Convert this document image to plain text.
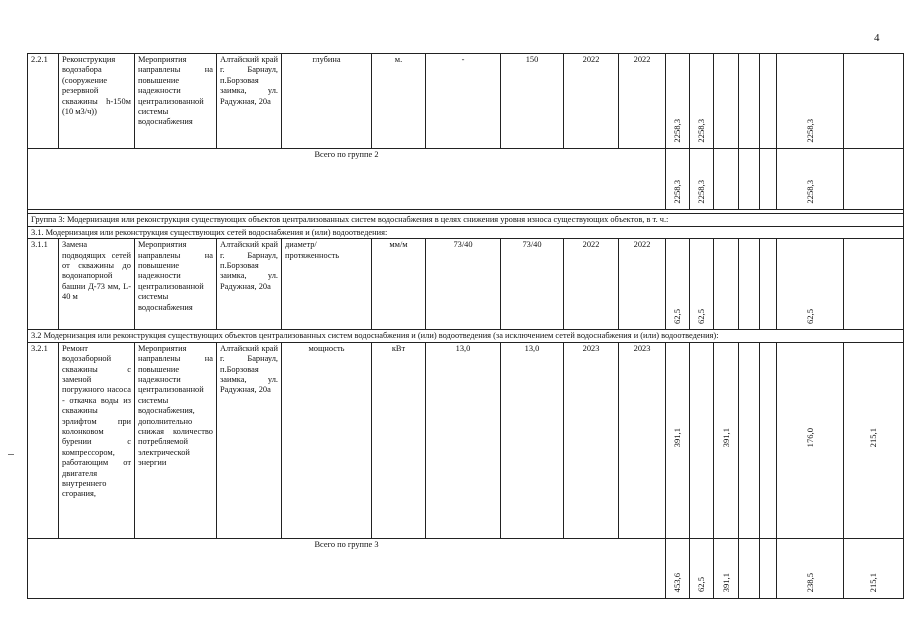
4
2.2.1	Реконструкция водозабора (сооружение резервной скважины h-150м (10 м3/ч))	Мероприятия направлены на повышение надежности централизованной системы водоснабжения	Алтайский край г. Барнаул, п.Борзовая заимка, ул. Радужная, 20а	глубина	м.	-	150	2022	2022	2258,3	2258,3				2258,3	
Всего по группе 2										2258,3	2258,3				2258,3	

Группа 3: Модернизация или реконструкция существующих объектов централизованных систем водоснабжения в целях снижения уровня износа существующих объектов, в т. ч.:																
3.1. Модернизация или реконструкция существующих сетей водоснабжения и (или) водоотведения:																
3.1.1	Замена подводящих сетей от скважины до водонапорной башни Д-73 мм, L-40 м	Мероприятия направлены на повышение надежности централизованной системы водоснабжения	Алтайский край г. Барнаул, п.Борзовая заимка, ул. Радужная, 20а	диаметр/ протяженность	мм/м	73/40	73/40	2022	2022	62,5	62,5				62,5	
3.2 Модернизация или реконструкция существующих объектов централизованных систем водоснабжения и (или) водоотведения (за исключением сетей водоснабжения и (или) водоотведения):																
3.2.1	Ремонт водозаборной скважины с заменой погружного насоса - откачка воды из скважины эрлифтом при колонковом бурении с компрессором, работающим от двигателя внутреннего сгорания,	Мероприятия направлены на повышение надежности централизованной системы водоснабжения, дополнительно снижая количество потребляемой электрической энергии	Алтайский край г. Барнаул, п.Борзовая заимка, ул. Радужная, 20а	мощность	кВт	13,0	13,0	2023	2023	391,1		391,1			176,0	215,1
Всего по группе 3										453,6	62,5	391,1			238,5	215,1
